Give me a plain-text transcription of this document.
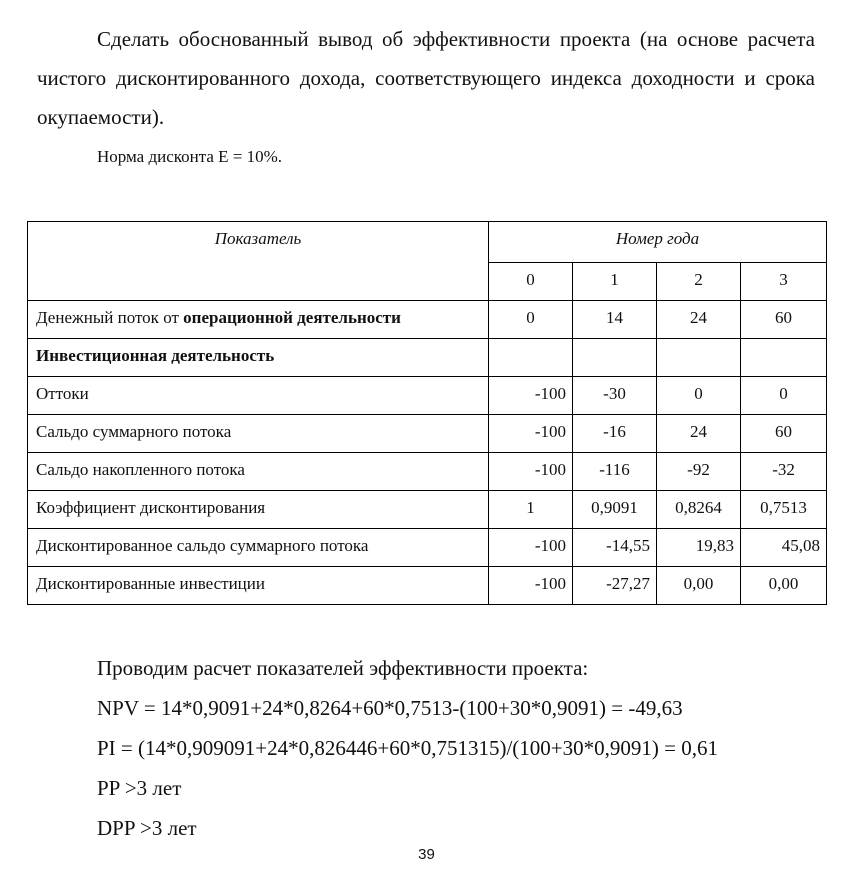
Сделать обоснованный вывод об эффективности проекта (на основе расчета чистого дисконтированного дохода, соответствующего индекса доходности и срока окупаемости).

Норма дисконта E = 10%.
Показатель	Номер года			
	0	1	2	3
Денежный поток от операционной деятельности	0	14	24	60
Инвестиционная деятельность				
Оттоки	-100	-30	0	0
Сальдо суммарного потока	-100	-16	24	60
Сальдо накопленного потока	-100	-116	-92	-32
Коэффициент дисконтирования	1	0,9091	0,8264	0,7513
Дисконтированное сальдо суммарного потока	-100	-14,55	19,83	45,08
Дисконтированные инвестиции	-100	-27,27	0,00	0,00
Проводим расчет показателей эффективности проекта:
NPV = 14*0,9091+24*0,8264+60*0,7513-(100+30*0,9091) = -49,63
PI = (14*0,909091+24*0,826446+60*0,751315)/(100+30*0,9091) = 0,61
PP >3 лет
DPP >3 лет
39
